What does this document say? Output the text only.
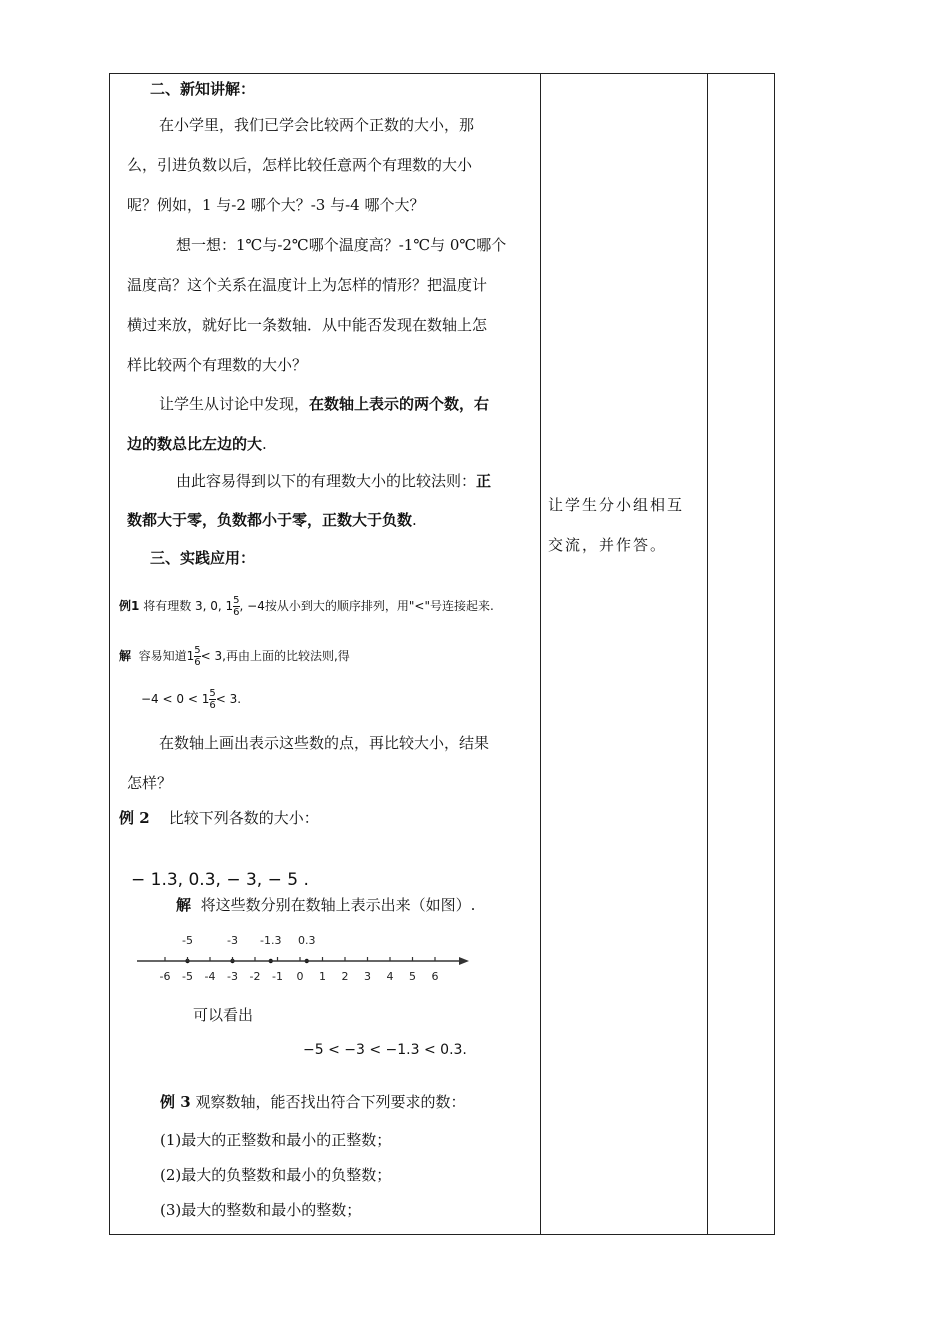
二、新知讲解：
在小学里，我们已学会比较两个正数的大小，那
么，引进负数以后，怎样比较任意两个有理数的大小
呢？例如，1 与-2 哪个大？-3 与-4 哪个大？
想一想：1℃与-2℃哪个温度高？-1℃与 0℃哪个
温度高？这个关系在温度计上为怎样的情形？把温度计
横过来放，就好比一条数轴．从中能否发现在数轴上怎
样比较两个有理数的大小？
让学生从讨论中发现，在数轴上表示的两个数，右
边的数总比左边的大.
由此容易得到以下的有理数大小的比较法则：正
数都大于零，负数都小于零，正数大于负数.
三、实践应用：
例1 将有理数 3, 0, $1 \frac{5}{6}$ , −4按从小到大的顺序排列，用"<"号连接起来.
解 容易知道$1 \frac{5}{6} < 3$,再由上面的比较法则,得
$-4 < 0 < 1 \frac{5}{6} < 3$.
在数轴上画出表示这些数的点，再比较大小，结果
怎样？
例 2 比较下列各数的大小：
− 1.3, 0.3, − 3, − 5 .
解 将这些数分别在数轴上表示出来（如图）.
-5	-3 -1.3 0.3
-6 -5 -4 -3 -2 -1 0 1 2 3 4 5 6
可以看出
−5 < −3 < −1.3 < 0.3.
例 3 观察数轴，能否找出符合下列要求的数：
(1)最大的正整数和最小的正整数；
(2)最大的负整数和最小的负整数；
(3)最大的整数和最小的整数；
让学生分小组相互
交流，并作答。
